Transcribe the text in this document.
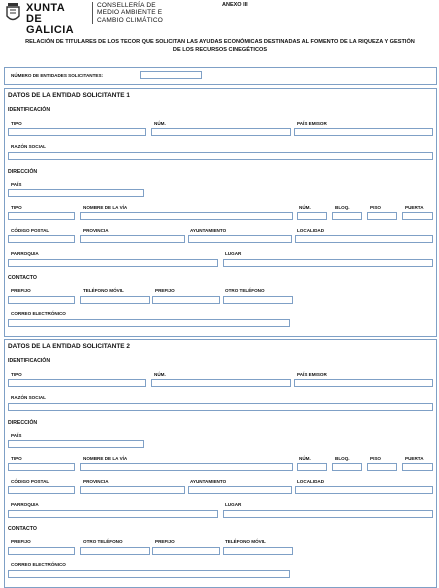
XUNTA
DE GALICIA
CONSELLERÍA DE
MEDIO AMBIENTE E
CAMBIO CLIMÁTICO
ANEXO III
RELACIÓN DE TITULARES DE LOS TECOR QUE SOLICITAN LAS AYUDAS ECONÓMICAS DESTINADAS AL FOMENTO DE LA RIQUEZA Y GESTIÓN
DE LOS RECURSOS CINEGÉTICOS
NÚMERO DE ENTIDADES SOLICITANTES:
DATOS DE LA ENTIDAD SOLICITANTE 1
IDENTIFICACIÓN
TIPO	NÚM.	PAÍS EMISOR
RAZÓN SOCIAL
DIRECCIÓN
PAÍS
TIPO	NOMBRE DE LA VÍA	NÚM.	BLOQ.	PISO	PUERTA
CÓDIGO POSTAL	PROVINCIA	AYUNTAMIENTO	LOCALIDAD
PARROQUIA	LUGAR
CONTACTO
PREFIJO	TELÉFONO MÓVIL	PREFIJO	OTRO TELÉFONO
CORREO ELECTRÓNICO
DATOS DE LA ENTIDAD SOLICITANTE 2
IDENTIFICACIÓN
TIPO	NÚM.	PAÍS EMISOR
RAZÓN SOCIAL
DIRECCIÓN
PAÍS
TIPO	NOMBRE DE LA VÍA	NÚM.	BLOQ.	PISO	PUERTA
CÓDIGO POSTAL	PROVINCIA	AYUNTAMIENTO	LOCALIDAD
PARROQUIA	LUGAR
CONTACTO
PREFIJO	OTRO TELÉFONO	PREFIJO	TELÉFONO MÓVIL
CORREO ELECTRÓNICO
